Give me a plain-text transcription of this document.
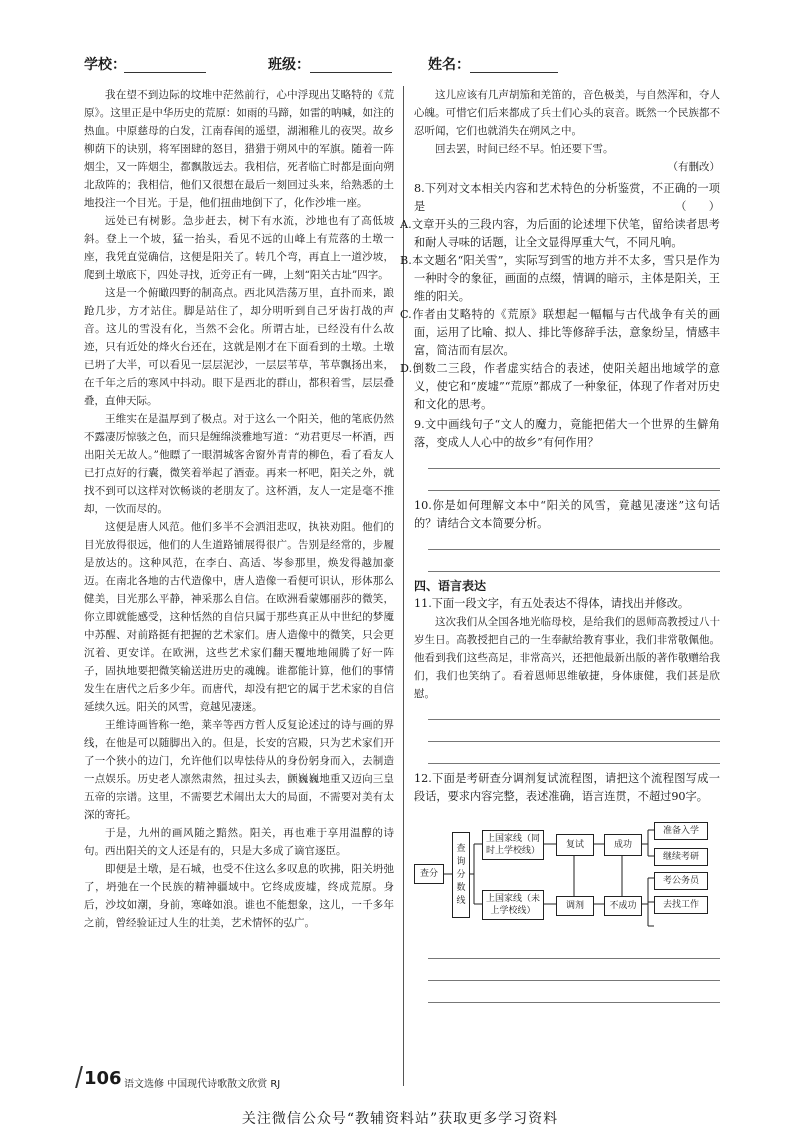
学校：	班级：	姓名：

我在望不到边际的坟堆中茫然前行，心中浮现出艾略特的《荒原》。这里正是中华历史的荒原：如雨的马蹄，如雷的呐喊，如注的热血。中原慈母的白发，江南春闺的遥望，湖湘稚儿的夜哭。故乡柳荫下的诀别，将军圉肆的怒目，猎猎于朔风中的军旗。随着一阵烟尘，又一阵烟尘，都飘散远去。我相信，死者临亡时都是面向朔北敌阵的；我相信，他们又很想在最后一刻回过头来，给熟悉的土地投注一个目光。于是，他们扭曲地倒下了，化作沙堆一座。

远处已有树影。急步赶去，树下有水流，沙地也有了高低坡斜。登上一个坡，猛一抬头，看见不远的山峰上有荒落的土墩一座，我凭直觉确信，这便是阳关了。转几个弯，再直上一道沙坡，爬到土墩底下，四处寻找，近旁正有一碑，上刻“阳关古址”四字。

这是一个俯瞰四野的制高点。西北风浩荡万里，直扑而来，踉跄几步，方才站住。脚是站住了，却分明听到自己牙齿打战的声音。这儿的雪没有化，当然不会化。所谓古址，已经没有什么故迹，只有近处的烽火台还在，这就是刚才在下面看到的土墩。土墩已坍了大半，可以看见一层层泥沙，一层层苇草，苇草飘扬出来，在千年之后的寒风中抖动。眼下是西北的群山，都积着雪，层层叠叠，直伸天际。

王维实在是温厚到了极点。对于这么一个阳关，他的笔底仍然不露凄厉惊骇之色，而只是缠绵淡雅地写道：“劝君更尽一杯酒，西出阳关无故人。”他瞟了一眼渭城客舍窗外青青的柳色，看了看友人已打点好的行囊，微笑着举起了酒壶。再来一杯吧，阳关之外，就找不到可以这样对饮畅谈的老朋友了。这杯酒，友人一定是毫不推却，一饮而尽的。

这便是唐人风范。他们多半不会洒泪悲叹，执袂劝阻。他们的目光放得很远，他们的人生道路铺展得很广。告别是经常的，步履是放达的。这种风范，在李白、高适、岑参那里，焕发得越加豪迈。在南北各地的古代造像中，唐人造像一看便可识认，形体那么健美，目光那么平静，神采那么自信。在欧洲看蒙娜丽莎的微笑，你立即就能感受，这种恬然的自信只属于那些真正从中世纪的梦魇中苏醒、对前路挺有把握的艺术家们。唐人造像中的微笑，只会更沉着、更安详。在欧洲，这些艺术家们翻天覆地地闹腾了好一阵子，固执地要把微笑输送进历史的魂魄。谁都能计算，他们的事情发生在唐代之后多少年。而唐代，却没有把它的属于艺术家的自信延续久远。阳关的风雪，竟越见凄迷。

王维诗画皆称一绝，莱辛等西方哲人反复论述过的诗与画的界线，在他是可以随脚出入的。但是，长安的宫殿，只为艺术家们开了一个狭小的边门，允许他们以卑怯侍从的身份躬身而入，去制造一点娱乐。历史老人凛然肃然，扭过头去，颤巍巍地重又迈向三皇五帝的宗谱。这里，不需要艺术闹出太大的局面，不需要对美有太深的寄托。

于是，九州的画风随之黯然。阳关，再也难于享用温醇的诗句。西出阳关的文人还是有的，只是大多成了谪官逐臣。

即便是土墩，是石城，也受不住这么多叹息的吹拂，阳关坍弛了，坍弛在一个民族的精神疆域中。它终成废墟，终成荒原。身后，沙坟如潮，身前，寒峰如浪。谁也不能想象，这儿，一千多年之前，曾经验证过人生的壮美，艺术情怀的弘广。

这儿应该有几声胡笳和羌笛的，音色极美，与自然浑和，夺人心魄。可惜它们后来都成了兵士们心头的哀音。既然一个民族都不忍听闻，它们也就消失在朔风之中。

回去罢，时间已经不早。怕还要下雪。

（有删改）

8.下列对文本相关内容和艺术特色的分析鉴赏，不正确的一项是	（　　）

A.文章开头的三段内容，为后面的论述埋下伏笔，留给读者思考和耐人寻味的话题，让全文显得厚重大气，不同凡响。

B.本文题名“阳关雪”，实际写到雪的地方并不太多，雪只是作为一种时令的象征，画面的点缀，情调的暗示，主体是阳关，王维的阳关。

C.作者由艾略特的《荒原》联想起一幅幅与古代战争有关的画面，运用了比喻、拟人、排比等修辞手法，意象纷呈，情感丰富，简洁而有层次。

D.倒数二三段，作者虚实结合的表述，使阳关超出地域学的意义，使它和“废墟”“荒原”都成了一种象征，体现了作者对历史和文化的思考。

9.文中画线句子“文人的魔力，竟能把偌大一个世界的生僻角落，变成人人心中的故乡”有何作用？

10.你是如何理解文本中“阳关的风雪，竟越见凄迷”这句话的？请结合文本简要分析。

四、语言表达

11.下面一段文字，有五处表达不得体，请找出并修改。

这次我们从全国各地光临母校，是给我们的恩师高教授过八十岁生日。高教授把自己的一生奉献给教育事业，我们非常敬佩他。他看到我们这些高足，非常高兴，还把他最新出版的著作敬赠给我们，我们也笑纳了。看着恩师思维敏捷，身体康健，我们甚是欣慰。

12.下面是考研查分调剂复试流程图，请把这个流程图写成一段话，要求内容完整，表述准确，语言连贯，不超过90字。

查分
查询分数线
上国家线（同时上学校线）
上国家线（未上学校线）
复试
调剂
成功
不成功
准备入学
继续考研
考公务员
去找工作
106 语文选修 中国现代诗歌散文欣赏 RJ
关注微信公众号“教辅资料站”获取更多学习资料
